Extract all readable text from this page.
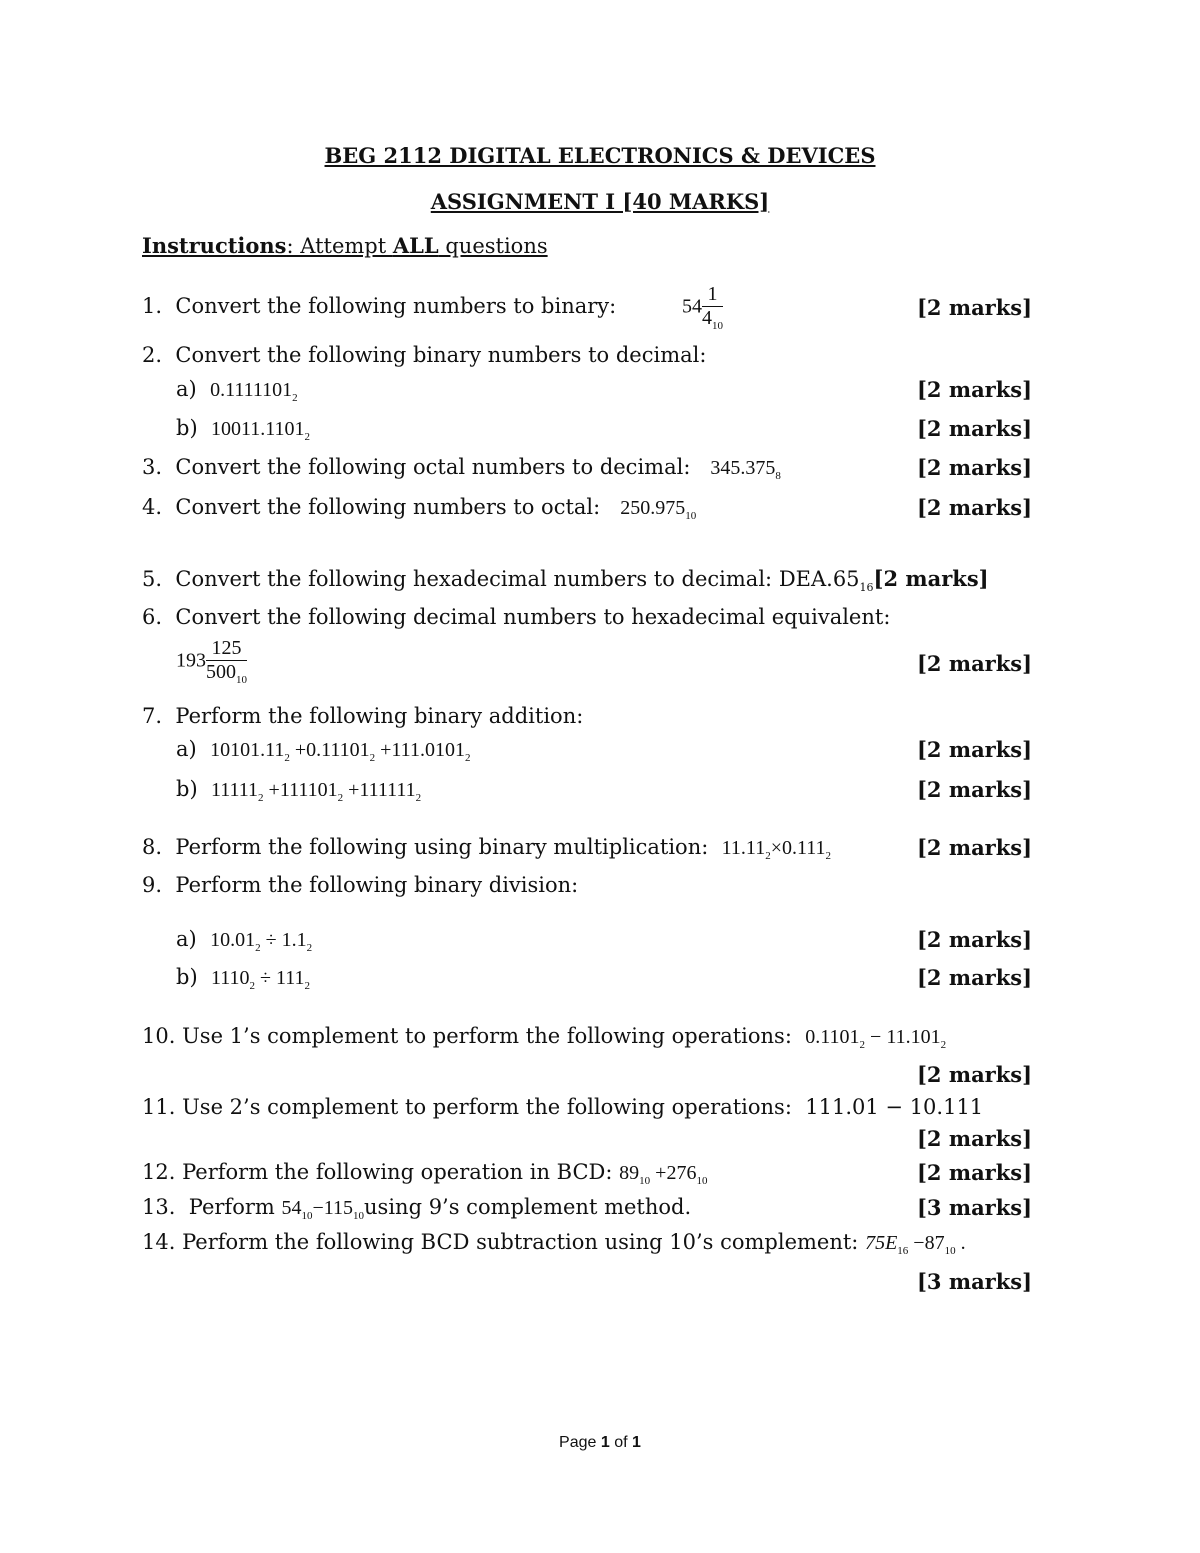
BEG 2112 DIGITAL ELECTRONICS & DEVICES
ASSIGNMENT I [40 MARKS]
Instructions: Attempt ALL questions
1. Convert the following numbers to binary:	$54 \frac{1}{4_{10}}$	[2 marks]
2. Convert the following binary numbers to decimal:
a) $0.1111101_2$	[2 marks]
b) $10011.1101_2$	[2 marks]
3. Convert the following octal numbers to decimal: $345.375_8$	[2 marks]
4. Convert the following numbers to octal: $250.975_{10}$	[2 marks]
5. Convert the following hexadecimal numbers to decimal: $DEA.65_{16}[2$ marks]
6. Convert the following decimal numbers to hexadecimal equivalent:
$193 \frac{125}{500_{10}}$	[2 marks]
7. Perform the following binary addition:
a) $10101.11_2 +0.11101_2 +111.0101_2$	[2 marks]
b) $11111_2 +111101_2 +111111_2$	[2 marks]
8. Perform the following using binary multiplication: $11.11_2\times 0.111_2$	[2 marks]
9. Perform the following binary division:
a) $10.01_2 \div 1.1_2$	[2 marks]
b) $1110_2 \div 111_2$	[2 marks]
10. Use 1’s complement to perform the following operations: $0.1101_2 - 11.101_2$
[2 marks]
11. Use 2’s complement to perform the following operations: 111.01 − 10.111
[2 marks]
12. Perform the following operation in BCD: $89_{10} +276_{10}$	[2 marks]
13. Perform $54_{10}-115_{10}using$ 9’s complement method.	[3 marks]
14. Perform the following BCD subtraction using 10’s complement: $75E_{16} -87_{10}$ .
[3 marks]
Page 1 of 1
